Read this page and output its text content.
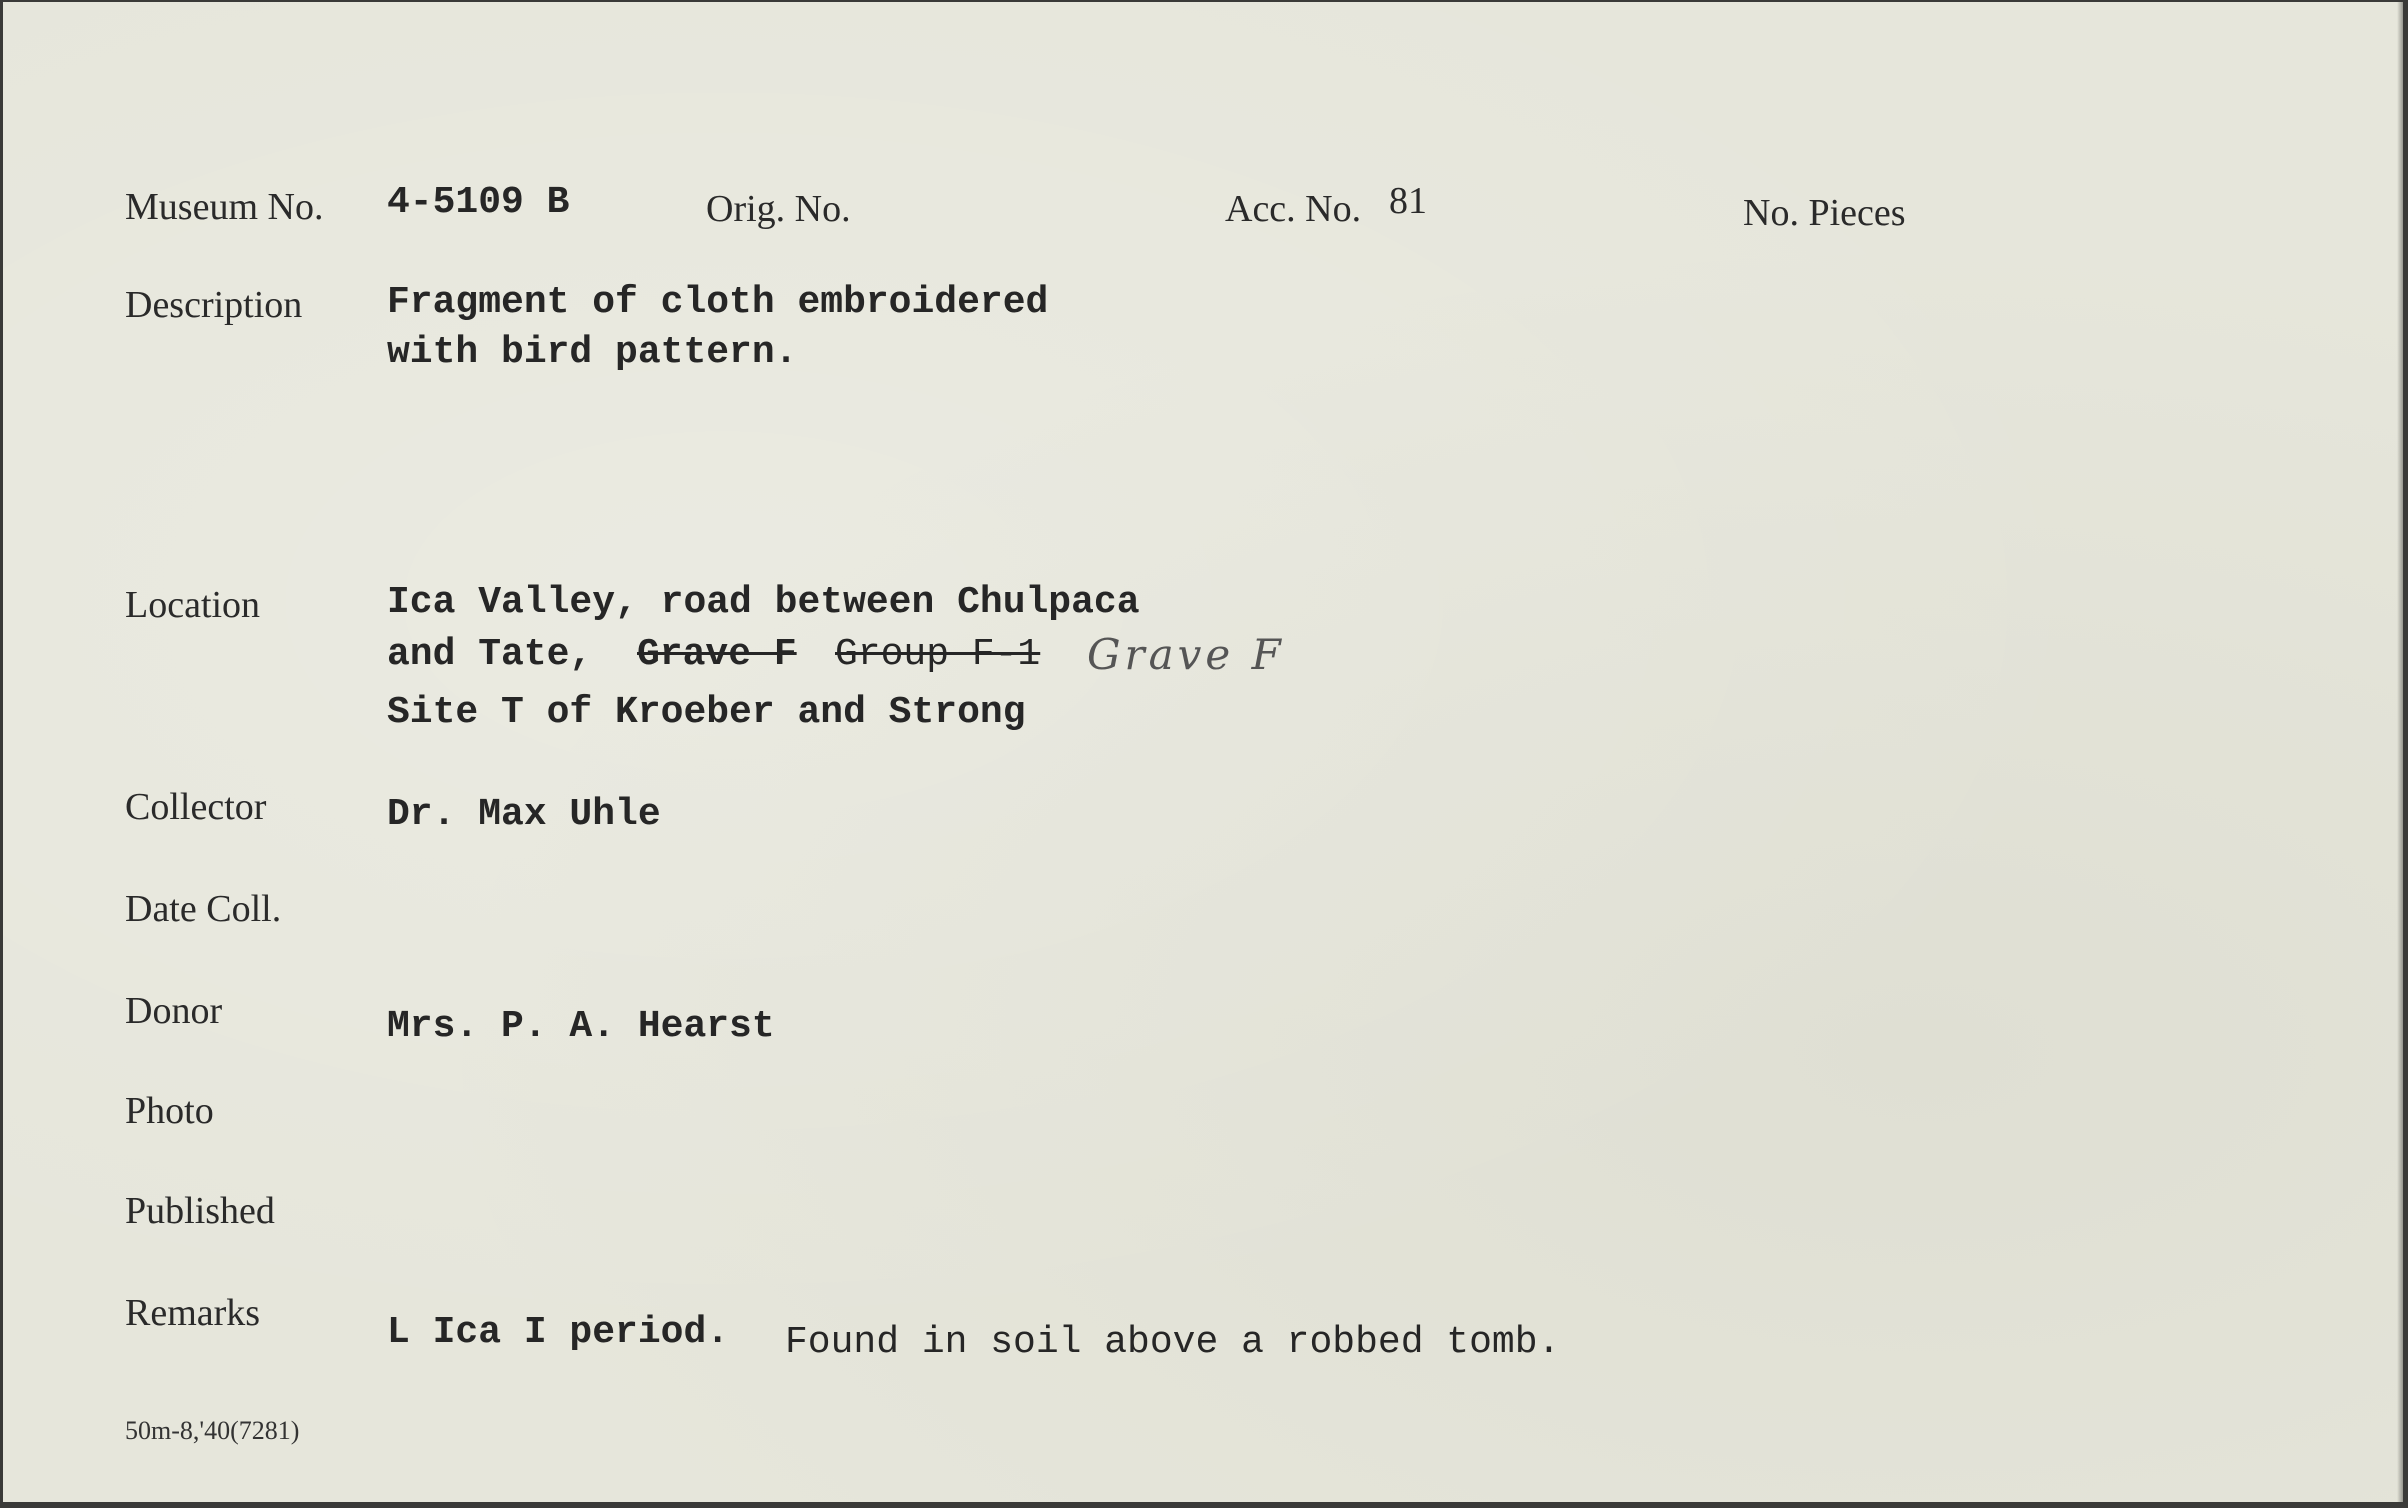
Museum No. 4-5109 B	Orig. No.	Acc. No. 81	No. Pieces
Description Fragment of cloth embroidered
with bird pattern.
Location	Ica Valley, road between Chulpaca
and Tate, Grave F Group F-1 Grave F
Site T of Kroeber and Strong
Collector	Dr. Max Uhle
Date Coll.
Donor	Mrs. P. A. Hearst
Photo
Published
Remarks	L Ica I period. Found in soil above a robbed tomb.
50m-8,'40(7281)
